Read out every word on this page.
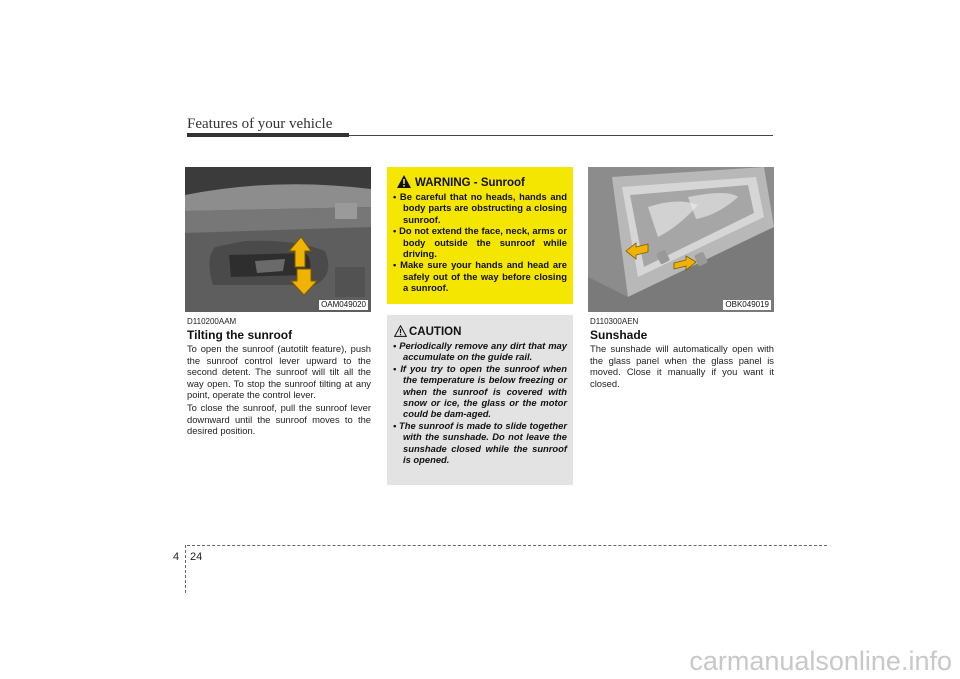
Features of your vehicle
OAM049020
D110200AAM
Tilting the sunroof

To open the sunroof (autotilt feature), push the sunroof control lever upward to the second detent. The sunroof will tilt all the way open. To stop the sunroof tilting at any point, operate the control lever.

To close the sunroof, pull the sunroof lever downward until the sunroof moves to the desired position.

WARNING - Sunroof
• Be careful that no heads, hands and body parts are obstructing a closing sunroof.
• Do not extend the face, neck, arms or body outside the sunroof while driving.
• Make sure your hands and head are safely out of the way before closing a sunroof.
CAUTION
• Periodically remove any dirt that may accumulate on the guide rail.
• If you try to open the sunroof when the temperature is below freezing or when the sunroof is covered with snow or ice, the glass or the motor could be dam-aged.
• The sunroof is made to slide together with the sunshade. Do not leave the sunshade closed while the sunroof is opened.
OBK049019
D110300AEN
Sunshade

The sunshade will automatically open with the glass panel when the glass panel is moved. Close it manually if you want it closed.

4 24
carmanualsonline.info
